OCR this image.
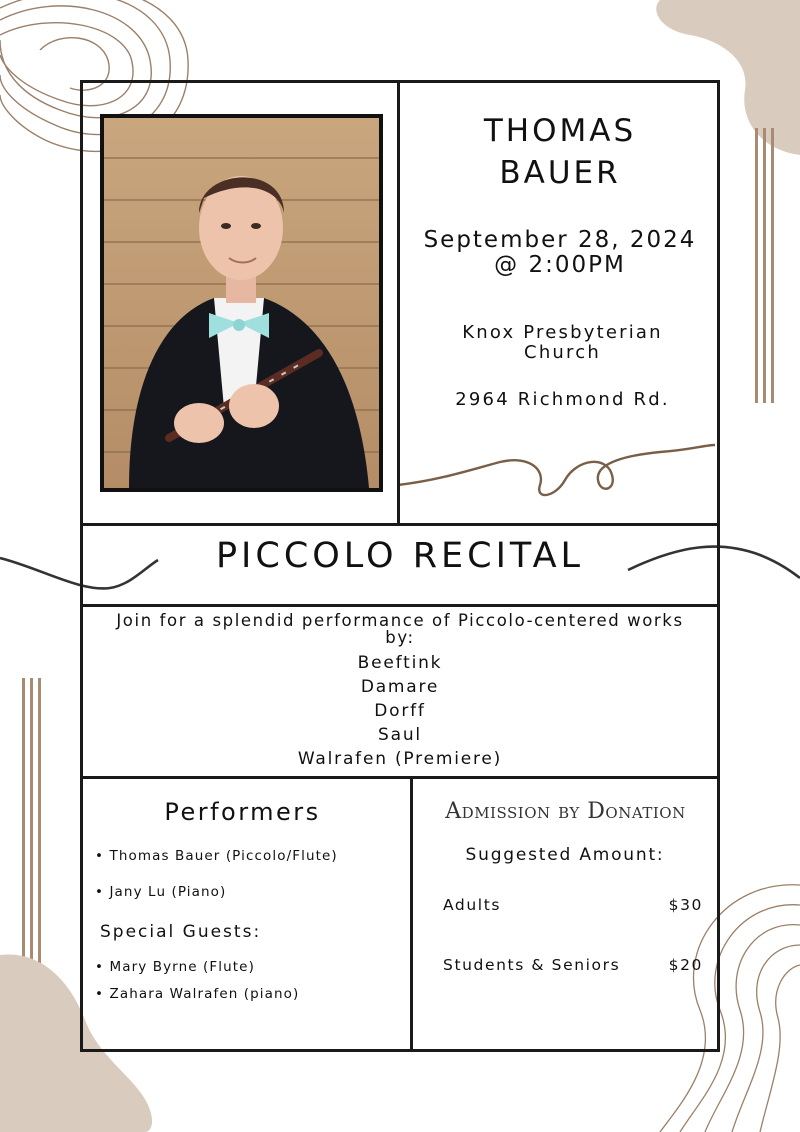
THOMAS BAUER
September 28, 2024 @ 2:00PM
Knox Presbyterian Church
2964 Richmond Rd.
PICCOLO RECITAL
Join for a splendid performance of Piccolo-centered works by:
Beeftink
Damare
Dorff
Saul
Walrafen (Premiere)
Performers
• Thomas Bauer (Piccolo/Flute)
• Jany Lu (Piano)
Special Guests:
• Mary Byrne (Flute)
• Zahara Walrafen (piano)
Admission by Donation
Suggested Amount:
Adults	$30
Students & Seniors	$20
